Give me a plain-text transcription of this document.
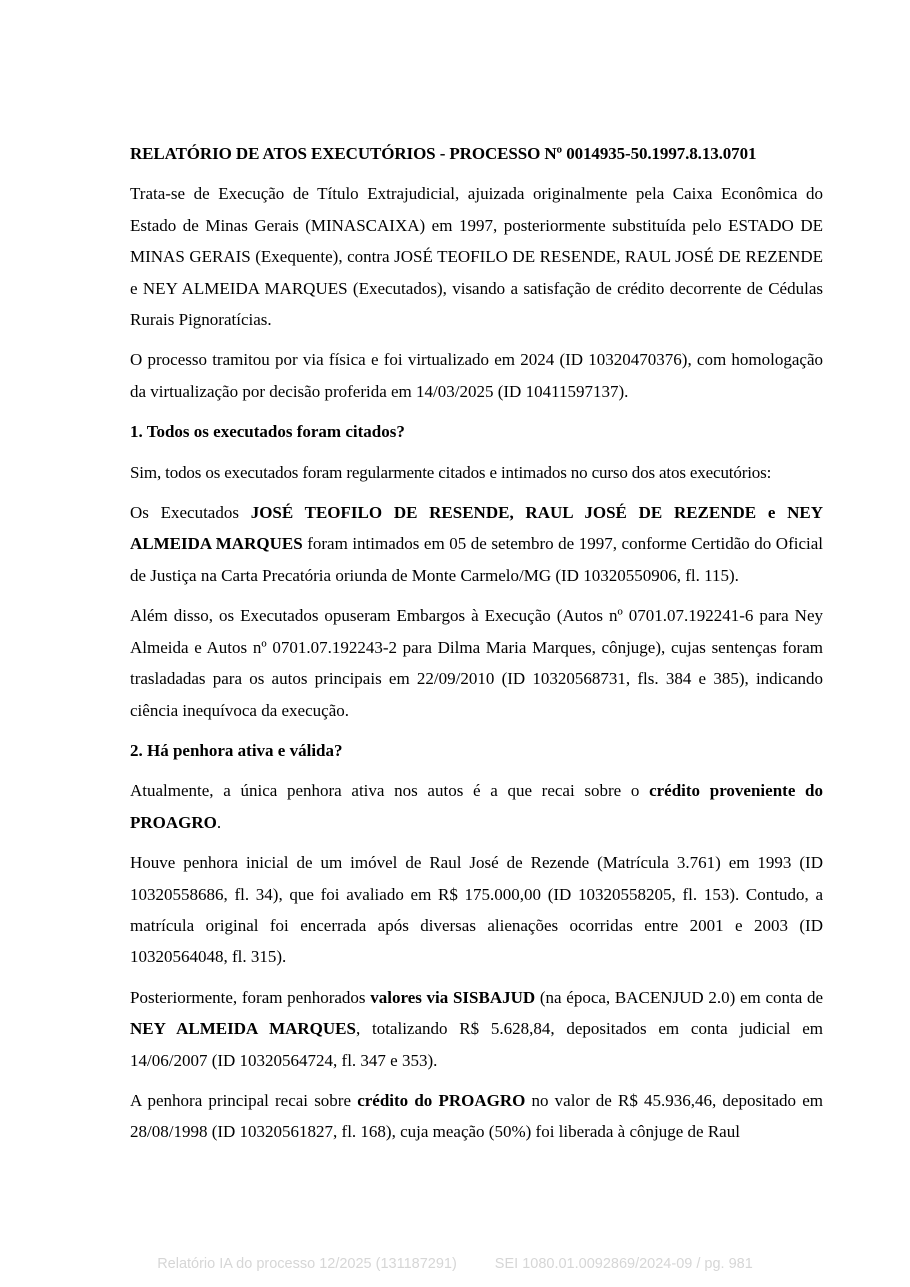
RELATÓRIO DE ATOS EXECUTÓRIOS - PROCESSO Nº 0014935-50.1997.8.13.0701

Trata-se de Execução de Título Extrajudicial, ajuizada originalmente pela Caixa Econômica do Estado de Minas Gerais (MINASCAIXA) em 1997, posteriormente substituída pelo ESTADO DE MINAS GERAIS (Exequente), contra JOSÉ TEOFILO DE RESENDE, RAUL JOSÉ DE REZENDE e NEY ALMEIDA MARQUES (Executados), visando a satisfação de crédito decorrente de Cédulas Rurais Pignoratícias.

O processo tramitou por via física e foi virtualizado em 2024 (ID 10320470376), com homologação da virtualização por decisão proferida em 14/03/2025 (ID 10411597137).

1. Todos os executados foram citados?

Sim, todos os executados foram regularmente citados e intimados no curso dos atos executórios:

Os Executados JOSÉ TEOFILO DE RESENDE, RAUL JOSÉ DE REZENDE e NEY ALMEIDA MARQUES foram intimados em 05 de setembro de 1997, conforme Certidão do Oficial de Justiça na Carta Precatória oriunda de Monte Carmelo/MG (ID 10320550906, fl. 115).

Além disso, os Executados opuseram Embargos à Execução (Autos nº 0701.07.192241-6 para Ney Almeida e Autos nº 0701.07.192243-2 para Dilma Maria Marques, cônjuge), cujas sentenças foram trasladadas para os autos principais em 22/09/2010 (ID 10320568731, fls. 384 e 385), indicando ciência inequívoca da execução.

2. Há penhora ativa e válida?

Atualmente, a única penhora ativa nos autos é a que recai sobre o crédito proveniente do PROAGRO.

Houve penhora inicial de um imóvel de Raul José de Rezende (Matrícula 3.761) em 1993 (ID 10320558686, fl. 34), que foi avaliado em R$ 175.000,00 (ID 10320558205, fl. 153). Contudo, a matrícula original foi encerrada após diversas alienações ocorridas entre 2001 e 2003 (ID 10320564048, fl. 315).

Posteriormente, foram penhorados valores via SISBAJUD (na época, BACENJUD 2.0) em conta de NEY ALMEIDA MARQUES, totalizando R$ 5.628,84, depositados em conta judicial em 14/06/2007 (ID 10320564724, fl. 347 e 353).

A penhora principal recai sobre crédito do PROAGRO no valor de R$ 45.936,46, depositado em 28/08/1998 (ID 10320561827, fl. 168), cuja meação (50%) foi liberada à cônjuge de Raul

Relatório IA do processo 12/2025 (131187291)	SEI 1080.01.0092869/2024-09 / pg. 981
